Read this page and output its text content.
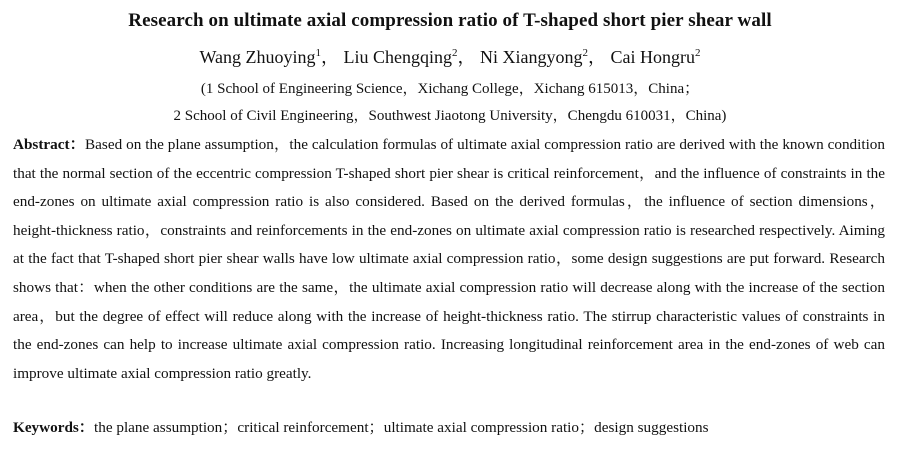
Research on ultimate axial compression ratio of T-shaped short pier shear wall
Wang Zhuoying$^1$， Liu Chengqing$^2$， Ni Xiangyong$^2$， Cai Hongru$^2$
(1 School of Engineering Science，Xichang College，Xichang 615013，China；
2 School of Civil Engineering，Southwest Jiaotong University，Chengdu 610031，China)

Abstract：Based on the plane assumption，the calculation formulas of ultimate axial compression ratio are derived with the known condition that the normal section of the eccentric compression T-shaped short pier shear is critical reinforcement，and the influence of constraints in the end-zones on ultimate axial compression ratio is also considered. Based on the derived formulas，the influence of section dimensions，height-thickness ratio，constraints and reinforcements in the end-zones on ultimate axial compression ratio is researched respectively. Aiming at the fact that T-shaped short pier shear walls have low ultimate axial compression ratio，some design suggestions are put forward. Research shows that：when the other conditions are the same，the ultimate axial compression ratio will decrease along with the increase of the section area，but the degree of effect will reduce along with the increase of height-thickness ratio. The stirrup characteristic values of constraints in the end-zones can help to increase ultimate axial compression ratio. Increasing longitudinal reinforcement area in the end-zones of web can improve ultimate axial compression ratio greatly.

Keywords：the plane assumption；critical reinforcement；ultimate axial compression ratio；design suggestions
